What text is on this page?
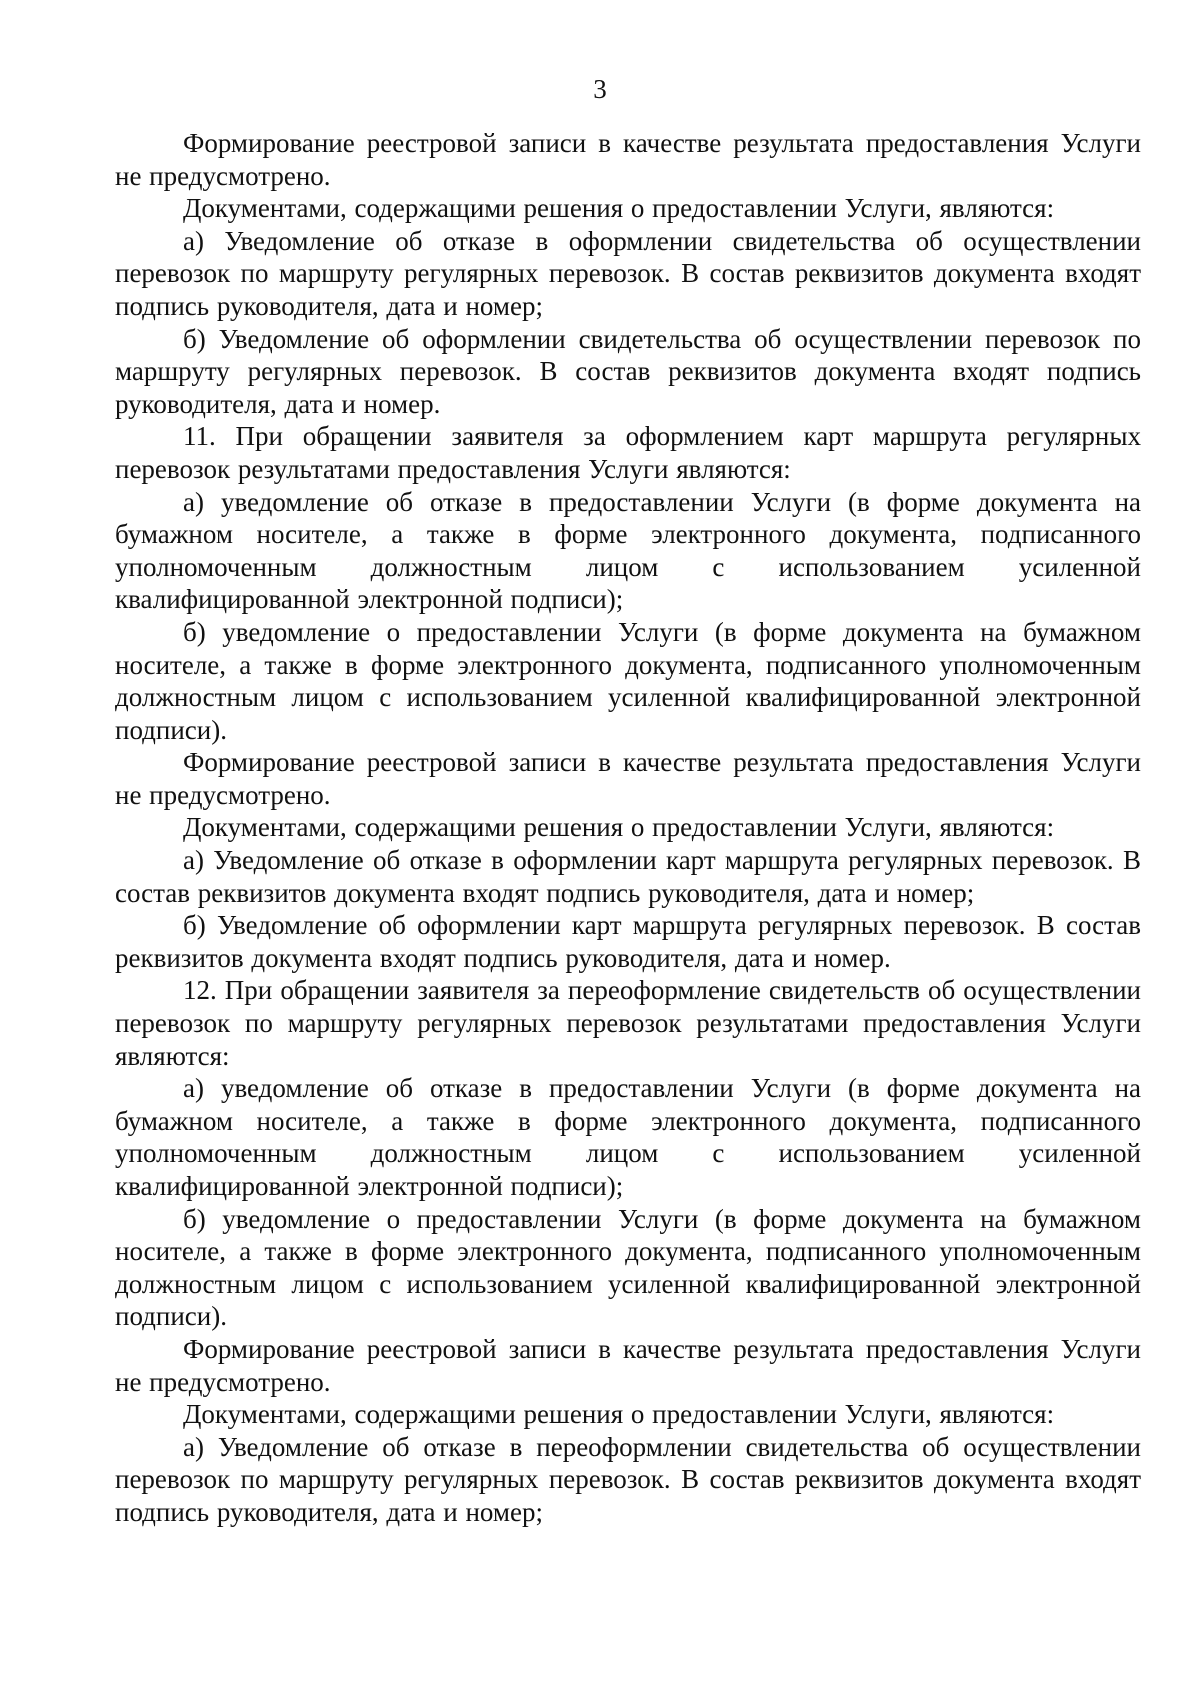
3

Формирование реестровой записи в качестве результата предоставления Услуги не предусмотрено.

Документами, содержащими решения о предоставлении Услуги, являются:

а) Уведомление об отказе в оформлении свидетельства об осуществлении перевозок по маршруту регулярных перевозок. В состав реквизитов документа входят подпись руководителя, дата и номер;

б) Уведомление об оформлении свидетельства об осуществлении перевозок по маршруту регулярных перевозок. В состав реквизитов документа входят подпись руководителя, дата и номер.

11. При обращении заявителя за оформлением карт маршрута регулярных перевозок результатами предоставления Услуги являются:

а) уведомление об отказе в предоставлении Услуги (в форме документа на бумажном носителе, а также в форме электронного документа, подписанного уполномоченным должностным лицом с использованием усиленной квалифицированной электронной подписи);

б) уведомление о предоставлении Услуги (в форме документа на бумажном носителе, а также в форме электронного документа, подписанного уполномоченным должностным лицом с использованием усиленной квалифицированной электронной подписи).

Формирование реестровой записи в качестве результата предоставления Услуги не предусмотрено.

Документами, содержащими решения о предоставлении Услуги, являются:

а) Уведомление об отказе в оформлении карт маршрута регулярных перевозок. В состав реквизитов документа входят подпись руководителя, дата и номер;

б) Уведомление об оформлении карт маршрута регулярных перевозок. В состав реквизитов документа входят подпись руководителя, дата и номер.

12. При обращении заявителя за переоформление свидетельств об осуществлении перевозок по маршруту регулярных перевозок результатами предоставления Услуги являются:

а) уведомление об отказе в предоставлении Услуги (в форме документа на бумажном носителе, а также в форме электронного документа, подписанного уполномоченным должностным лицом с использованием усиленной квалифицированной электронной подписи);

б) уведомление о предоставлении Услуги (в форме документа на бумажном носителе, а также в форме электронного документа, подписанного уполномоченным должностным лицом с использованием усиленной квалифицированной электронной подписи).

Формирование реестровой записи в качестве результата предоставления Услуги не предусмотрено.

Документами, содержащими решения о предоставлении Услуги, являются:

а) Уведомление об отказе в переоформлении свидетельства об осуществлении перевозок по маршруту регулярных перевозок. В состав реквизитов документа входят подпись руководителя, дата и номер;
